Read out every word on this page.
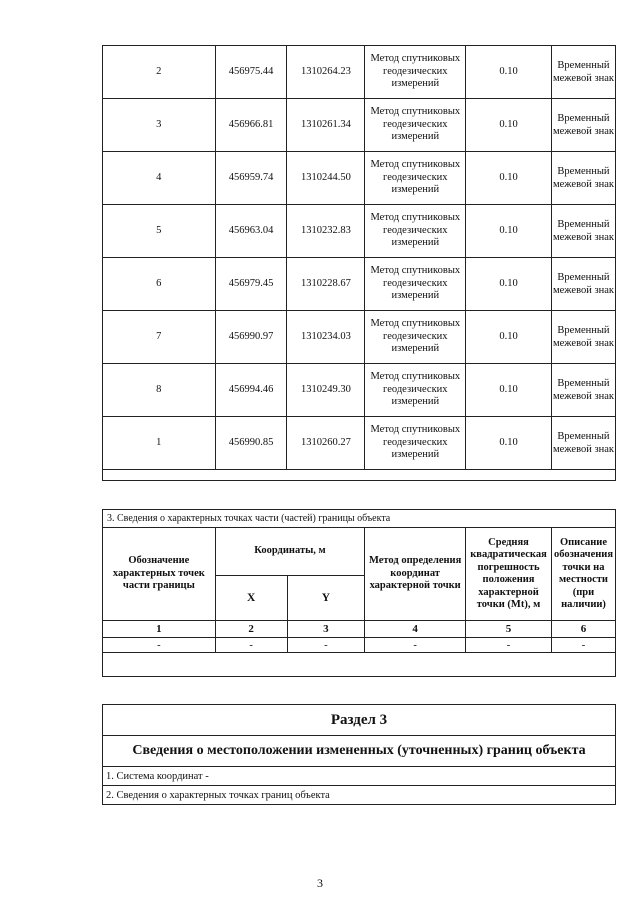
2	456975.44	1310264.23	Метод спутниковых геодезических измерений	0.10	Временный межевой знак
3	456966.81	1310261.34	Метод спутниковых геодезических измерений	0.10	Временный межевой знак
4	456959.74	1310244.50	Метод спутниковых геодезических измерений	0.10	Временный межевой знак
5	456963.04	1310232.83	Метод спутниковых геодезических измерений	0.10	Временный межевой знак
6	456979.45	1310228.67	Метод спутниковых геодезических измерений	0.10	Временный межевой знак
7	456990.97	1310234.03	Метод спутниковых геодезических измерений	0.10	Временный межевой знак
8	456994.46	1310249.30	Метод спутниковых геодезических измерений	0.10	Временный межевой знак
1	456990.85	1310260.27	Метод спутниковых геодезических измерений	0.10	Временный межевой знак

3. Сведения о характерных точках части (частей) границы объекта					
Обозначение характерных точек части границы	Координаты, м		Метод определения координат характерной точки	Средняя квадратическая погрешность положения характерной точки (Mt), м	Описание обозначения точки на местности (при наличии)
	X	Y			
1	2	3	4	5	6
-	-	-	-	-	-

Раздел 3
Сведения о местоположении измененных (уточненных) границ объекта
1. Система координат -
2. Сведения о характерных точках границ объекта
3
